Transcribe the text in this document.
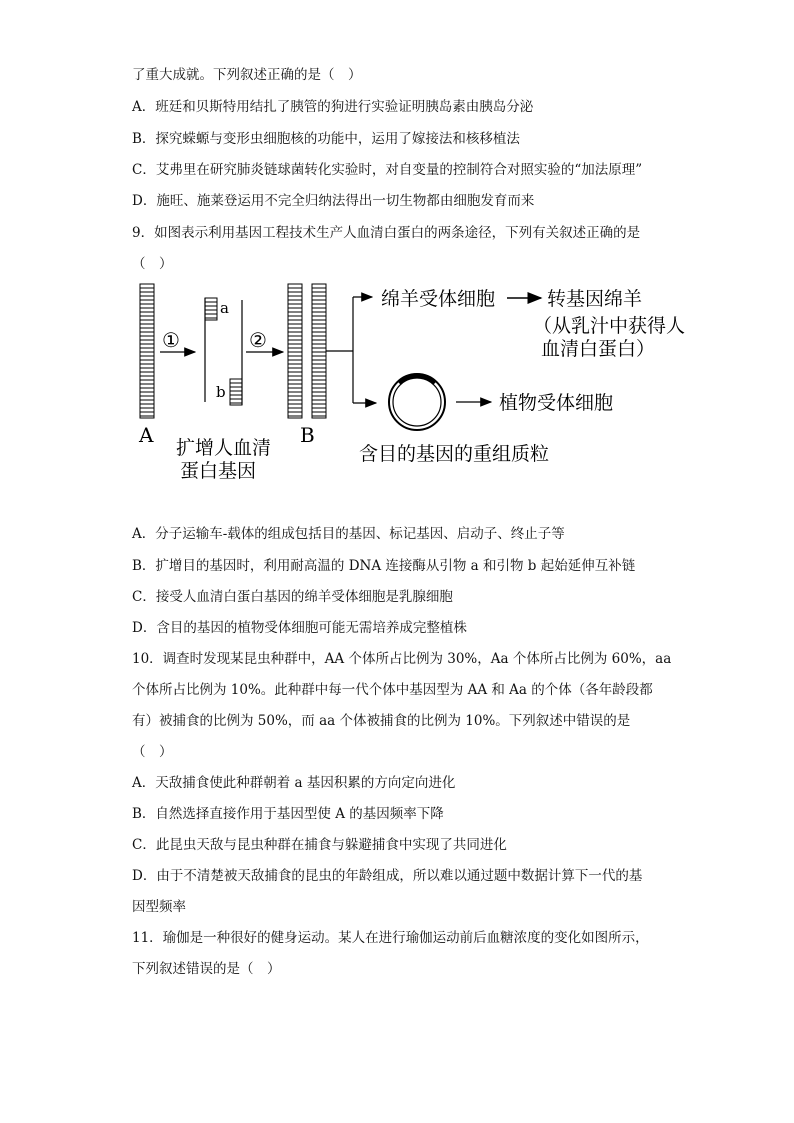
了重大成就。下列叙述正确的是（　）
A．班廷和贝斯特用结扎了胰管的狗进行实验证明胰岛素由胰岛分泌
B．探究蝾螈与变形虫细胞核的功能中，运用了嫁接法和核移植法
C．艾弗里在研究肺炎链球菌转化实验时，对自变量的控制符合对照实验的“加法原理”
D．施旺、施莱登运用不完全归纳法得出一切生物都由细胞发育而来
9．如图表示利用基因工程技术生产人血清白蛋白的两条途径，下列有关叙述正确的是
（　）
A
①
a
b
②
B
扩增人血清
蛋白基因
绵羊受体细胞	转基因绵羊
（从乳汁中获得人
血清白蛋白）
植物受体细胞
含目的基因的重组质粒
A．分子运输车-载体的组成包括目的基因、标记基因、启动子、终止子等
B．扩增目的基因时，利用耐高温的 DNA 连接酶从引物 a 和引物 b 起始延伸互补链
C．接受人血清白蛋白基因的绵羊受体细胞是乳腺细胞
D．含目的基因的植物受体细胞可能无需培养成完整植株
10．调查时发现某昆虫种群中，AA 个体所占比例为 30%，Aa 个体所占比例为 60%，aa
个体所占比例为 10%。此种群中每一代个体中基因型为 AA 和 Aa 的个体（各年龄段都
有）被捕食的比例为 50%，而 aa 个体被捕食的比例为 10%。下列叙述中错误的是
（　）
A．天敌捕食使此种群朝着 a 基因积累的方向定向进化
B．自然选择直接作用于基因型使 A 的基因频率下降
C．此昆虫天敌与昆虫种群在捕食与躲避捕食中实现了共同进化
D．由于不清楚被天敌捕食的昆虫的年龄组成，所以难以通过题中数据计算下一代的基
因型频率
11．瑜伽是一种很好的健身运动。某人在进行瑜伽运动前后血糖浓度的变化如图所示，
下列叙述错误的是（　）
